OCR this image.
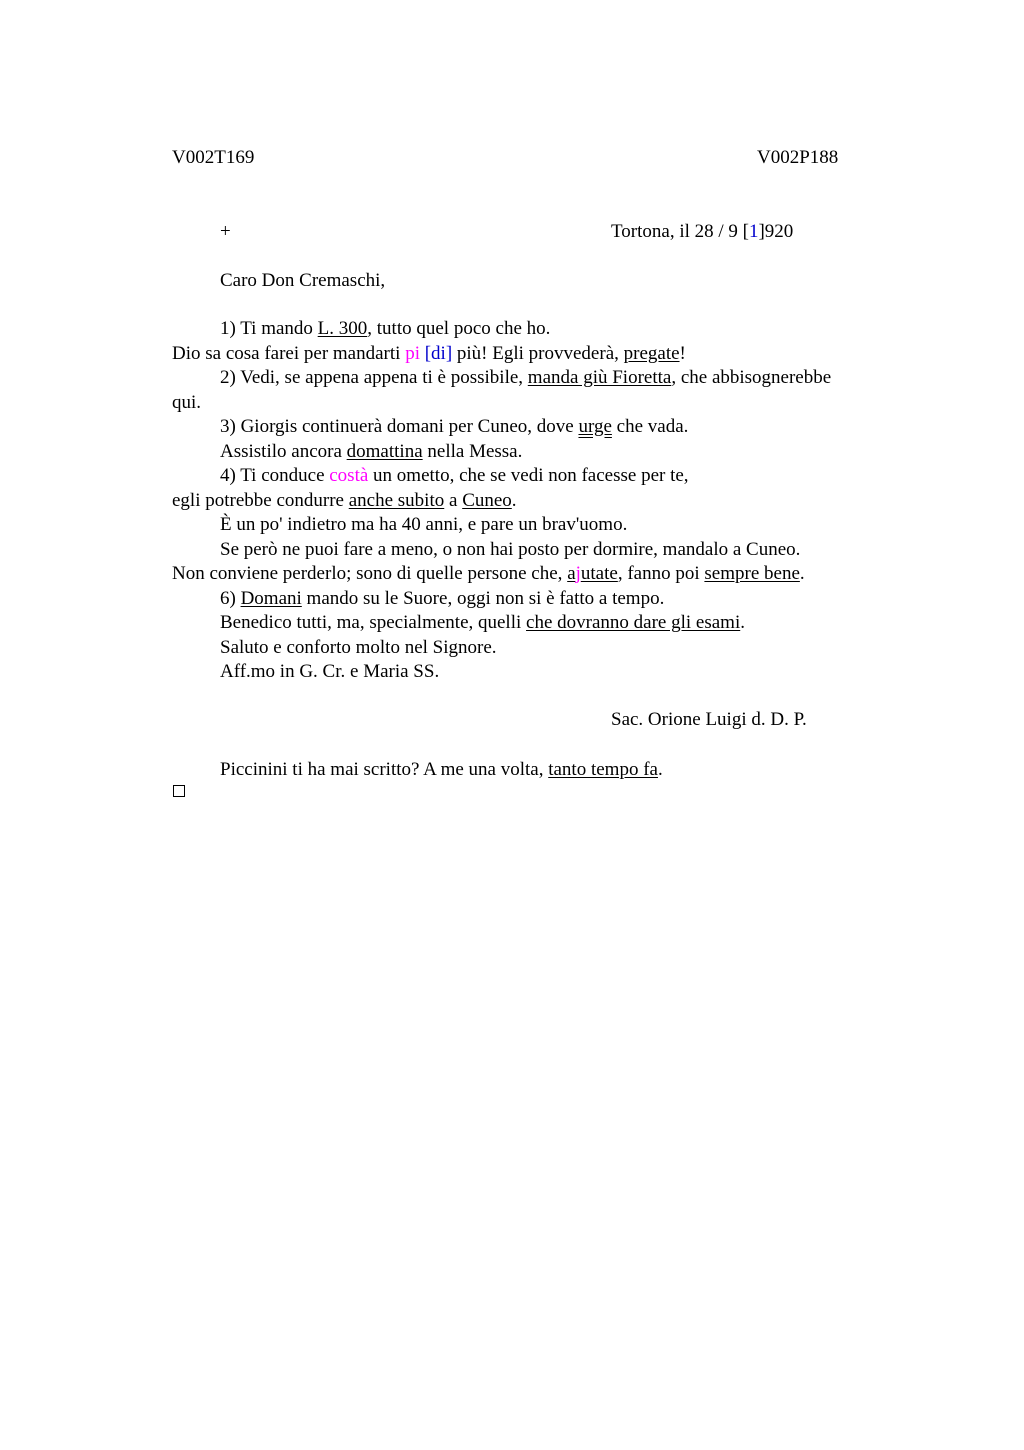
V002T169	V002P188
+	Tortona, il 28 / 9 [1]920
Caro Don Cremaschi,
1) Ti mando L. 300, tutto quel poco che ho.
Dio sa cosa farei per mandarti pi [di] più! Egli provvederà, pregate!
2) Vedi, se appena appena ti è possibile, manda giù Fioretta, che abbisognerebbe
qui.
3) Giorgis continuerà domani per Cuneo, dove urge che vada.
Assistilo ancora domattina nella Messa.
4) Ti conduce costà un ometto, che se vedi non facesse per te,
egli potrebbe condurre anche subito a Cuneo.
È un po' indietro ma ha 40 anni, e pare un brav'uomo.
Se però ne puoi fare a meno, o non hai posto per dormire, mandalo a Cuneo.
Non conviene perderlo; sono di quelle persone che, ajutate, fanno poi sempre bene.
6) Domani mando su le Suore, oggi non si è fatto a tempo.
Benedico tutti, ma, specialmente, quelli che dovranno dare gli esami.
Saluto e conforto molto nel Signore.
Aff.mo in G. Cr. e Maria SS.
Sac. Orione Luigi d. D. P.
Piccinini ti ha mai scritto? A me una volta, tanto tempo fa.
